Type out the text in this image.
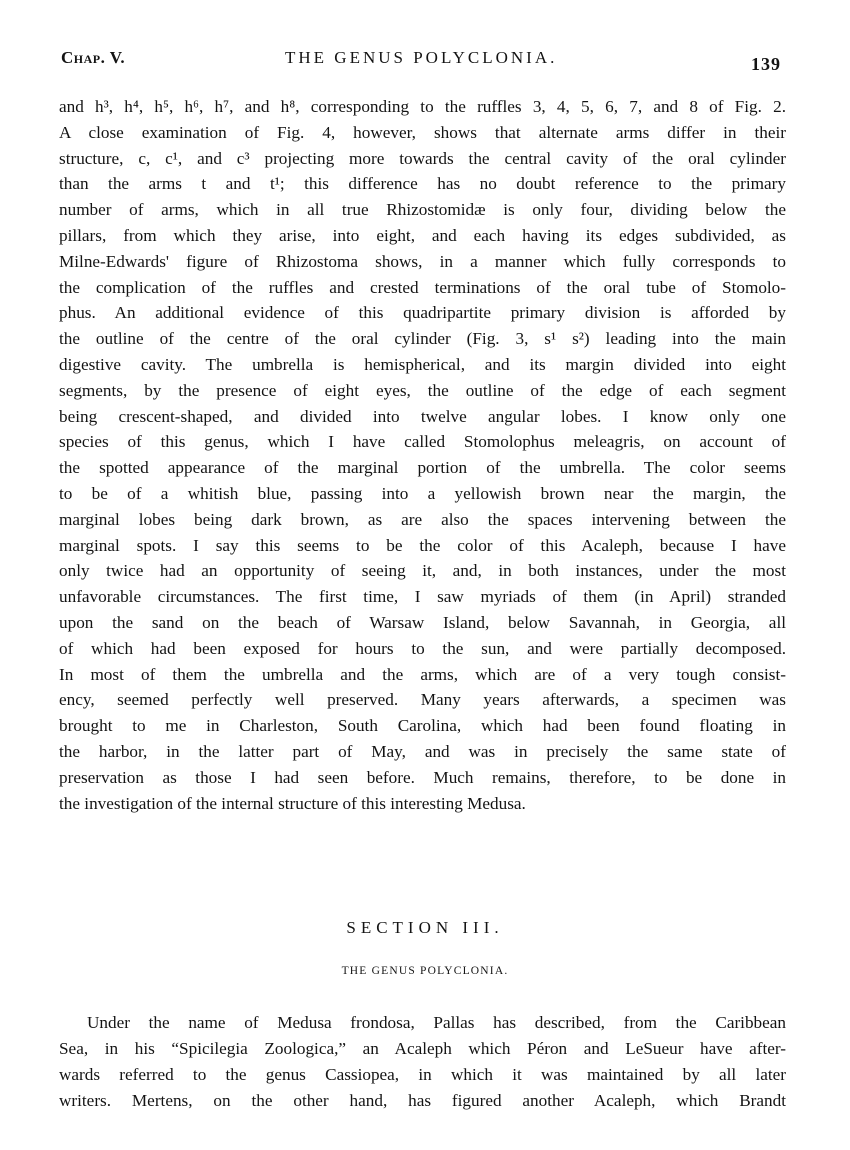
Chap. V.	THE GENUS POLYCLONIA.	139
and h³, h⁴, h⁵, h⁶, h⁷, and h⁸, corresponding to the ruffles 3, 4, 5, 6, 7, and 8 of Fig. 2.
A close examination of Fig. 4, however, shows that alternate arms differ in their
structure, c, c¹, and c³ projecting more towards the central cavity of the oral cylinder
than the arms t and t¹; this difference has no doubt reference to the primary
number of arms, which in all true Rhizostomidæ is only four, dividing below the
pillars, from which they arise, into eight, and each having its edges subdivided, as
Milne-Edwards' figure of Rhizostoma shows, in a manner which fully corresponds to
the complication of the ruffles and crested terminations of the oral tube of Stomolo-
phus. An additional evidence of this quadripartite primary division is afforded by
the outline of the centre of the oral cylinder (Fig. 3, s¹ s²) leading into the main
digestive cavity. The umbrella is hemispherical, and its margin divided into eight
segments, by the presence of eight eyes, the outline of the edge of each segment
being crescent-shaped, and divided into twelve angular lobes. I know only one
species of this genus, which I have called Stomolophus meleagris, on account of
the spotted appearance of the marginal portion of the umbrella. The color seems
to be of a whitish blue, passing into a yellowish brown near the margin, the
marginal lobes being dark brown, as are also the spaces intervening between the
marginal spots. I say this seems to be the color of this Acaleph, because I have
only twice had an opportunity of seeing it, and, in both instances, under the most
unfavorable circumstances. The first time, I saw myriads of them (in April) stranded
upon the sand on the beach of Warsaw Island, below Savannah, in Georgia, all
of which had been exposed for hours to the sun, and were partially decomposed.
In most of them the umbrella and the arms, which are of a very tough consist-
ency, seemed perfectly well preserved. Many years afterwards, a specimen was
brought to me in Charleston, South Carolina, which had been found floating in
the harbor, in the latter part of May, and was in precisely the same state of
preservation as those I had seen before. Much remains, therefore, to be done in
the investigation of the internal structure of this interesting Medusa.
SECTION III.
THE GENUS POLYCLONIA.
Under the name of Medusa frondosa, Pallas has described, from the Caribbean
Sea, in his “Spicilegia Zoologica,” an Acaleph which Péron and LeSueur have after-
wards referred to the genus Cassiopea, in which it was maintained by all later
writers. Mertens, on the other hand, has figured another Acaleph, which Brandt
